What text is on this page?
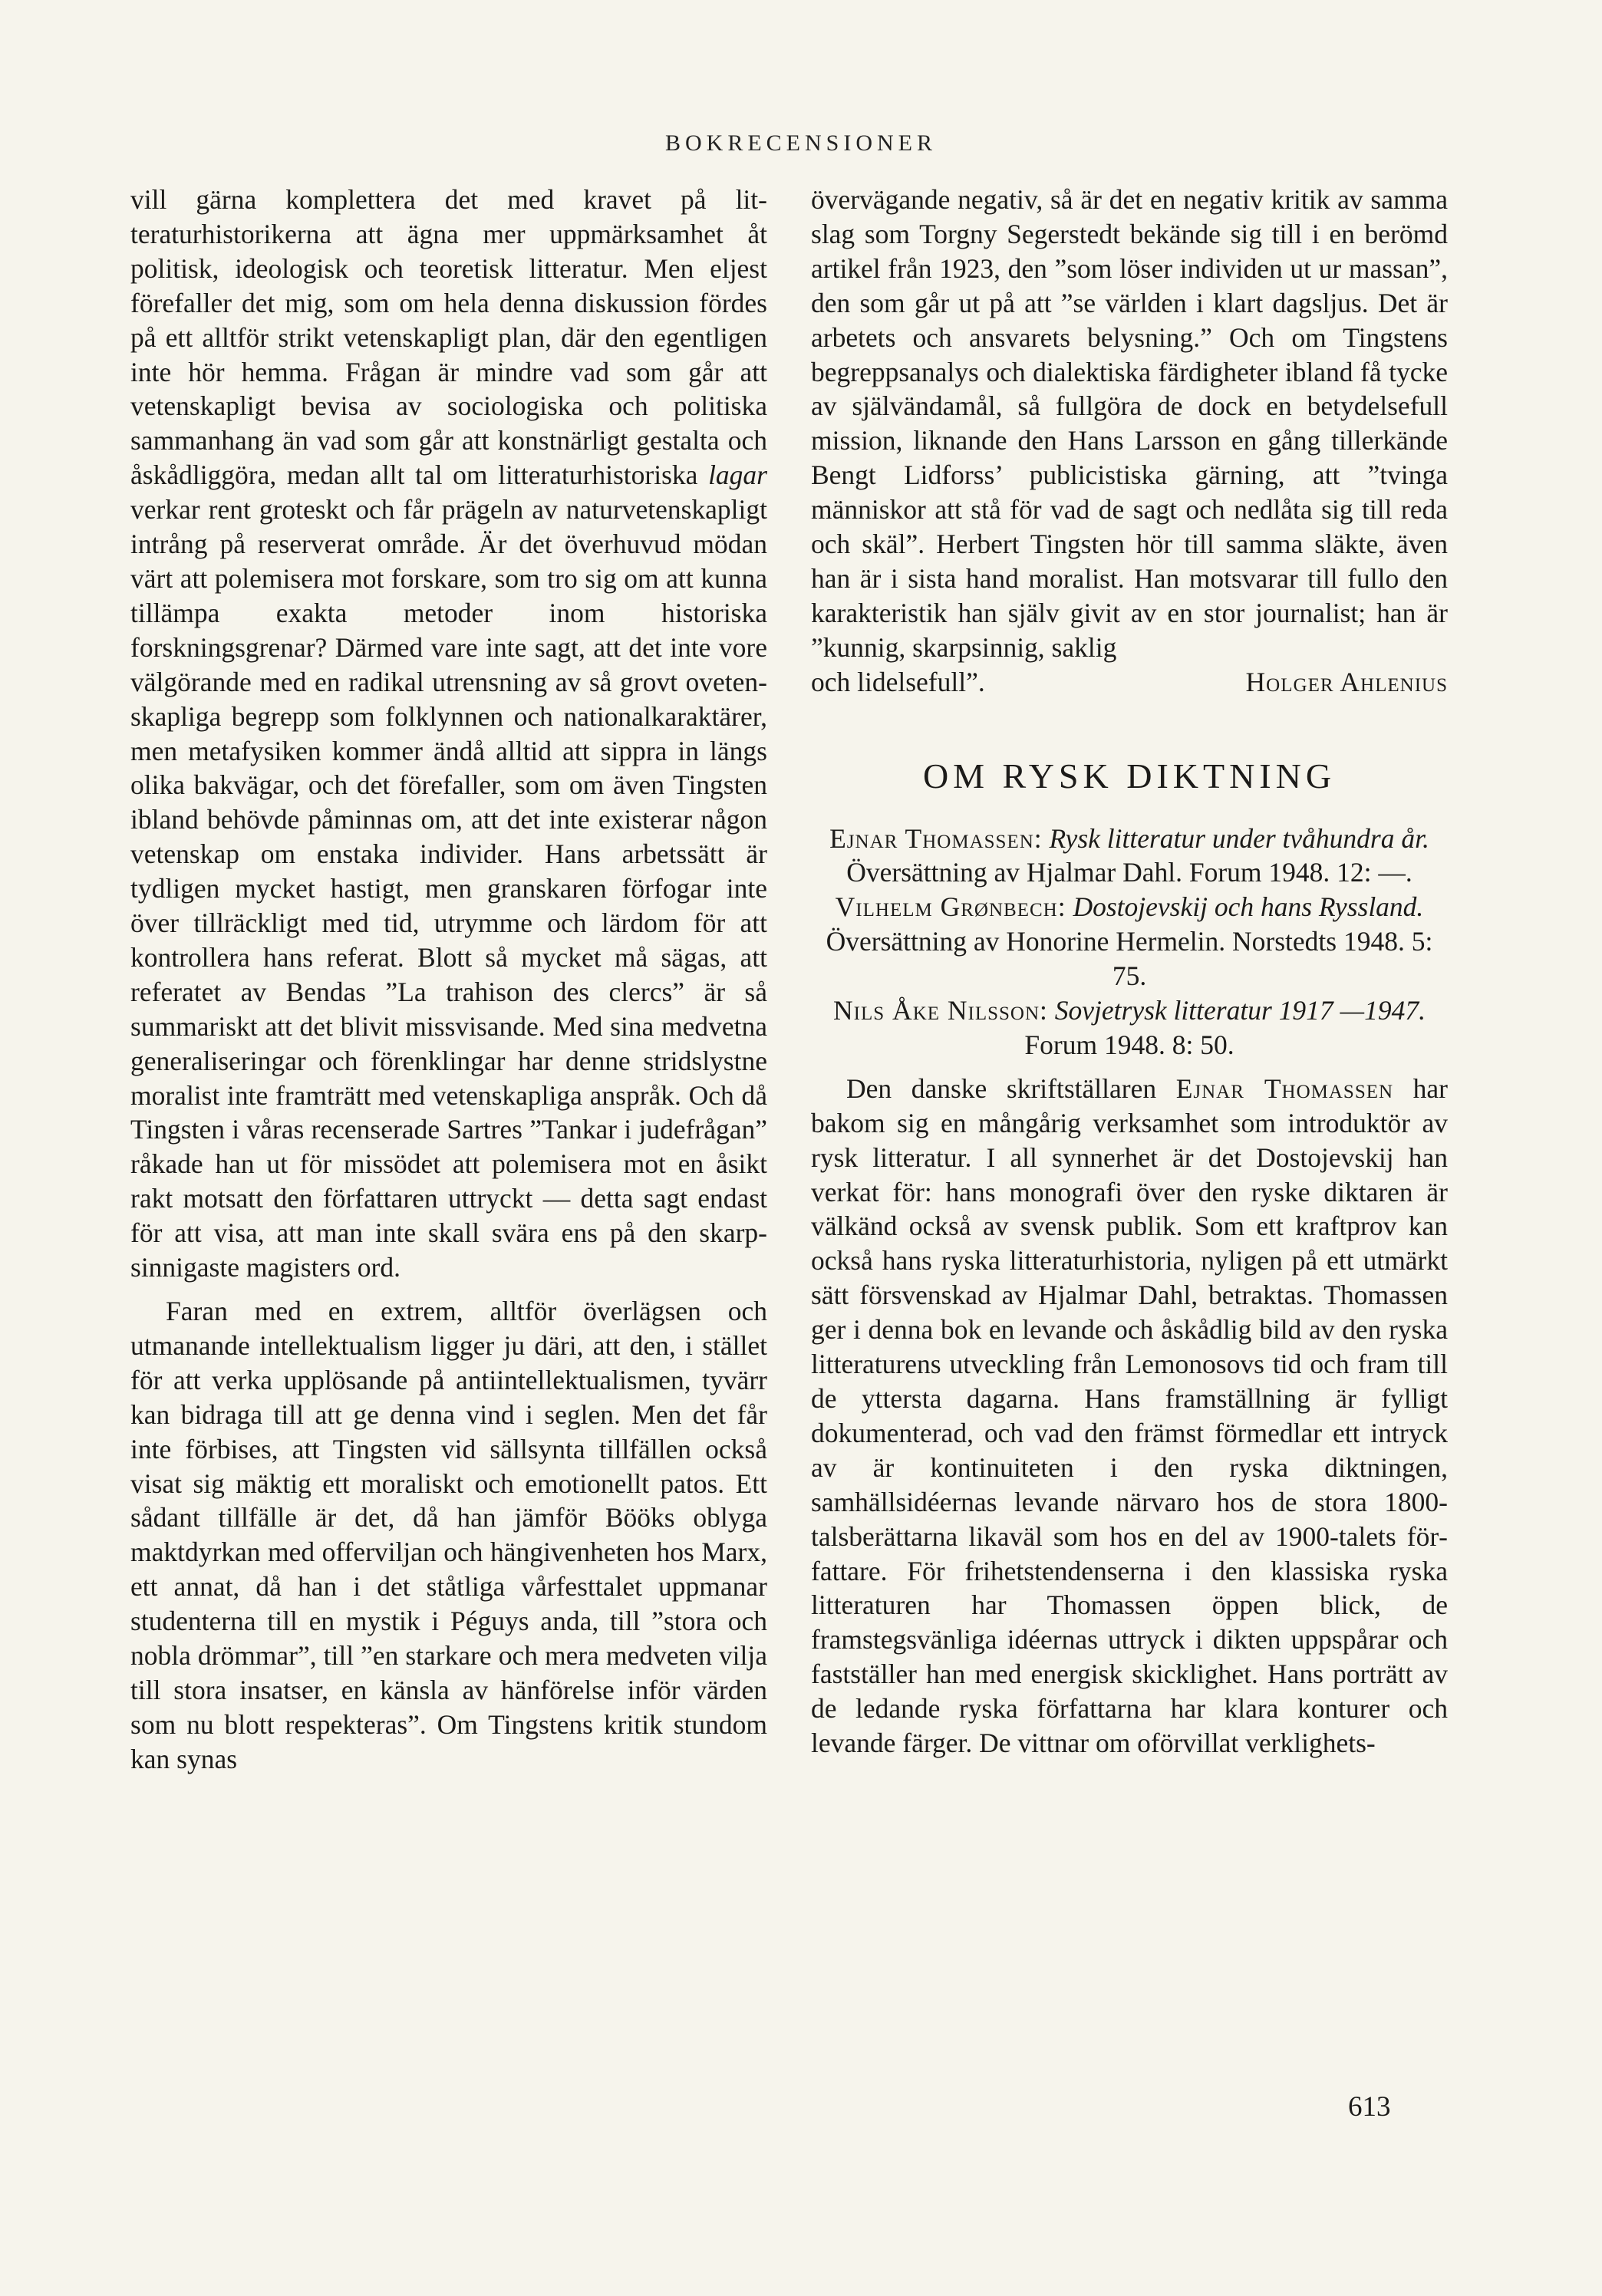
BOKRECENSIONER

vill gärna komplettera det med kravet på litteraturhistorikerna att ägna mer uppmärksamhet åt politisk, ideologisk och teoretisk litteratur. Men eljest förefaller det mig, som om hela denna diskussion fördes på ett alltför strikt vetenskapligt plan, där den egentligen inte hör hemma. Frågan är mindre vad som går att vetenskapligt bevisa av sociologiska och politiska sammanhang än vad som går att konstnärligt gestalta och åskådliggöra, medan allt tal om litteraturhistoriska lagar verkar rent groteskt och får prägeln av naturvetenskapligt intrång på reserverat område. Är det överhuvud mödan värt att polemisera mot forskare, som tro sig om att kunna tillämpa exakta metoder inom historiska forskningsgrenar? Därmed vare inte sagt, att det inte vore välgörande med en radikal utrensning av så grovt ovetenskapliga begrepp som folklynnen och nationalkaraktärer, men metafysiken kommer ändå alltid att sippra in längs olika bakvägar, och det förefaller, som om även Tingsten ibland behövde påminnas om, att det inte existerar någon vetenskap om enstaka individer. Hans arbetssätt är tydligen mycket hastigt, men granskaren förfogar inte över tillräckligt med tid, utrymme och lärdom för att kontrollera hans referat. Blott så mycket må sägas, att referatet av Bendas ”La trahison des clercs” är så summariskt att det blivit missvisande. Med sina medvetna generaliseringar och förenklingar har denne stridslystne moralist inte framträtt med vetenskapliga anspråk. Och då Tingsten i våras recenserade Sartres ”Tankar i judefrågan” råkade han ut för missödet att polemisera mot en åsikt rakt motsatt den författaren uttryckt — detta sagt endast för att visa, att man inte skall svära ens på den skarpsinnigaste magisters ord.

Faran med en extrem, alltför överlägsen och utmanande intellektualism ligger ju däri, att den, i stället för att verka upplösande på antiintellektualismen, tyvärr kan bidraga till att ge denna vind i seglen. Men det får inte förbises, att Tingsten vid sällsynta tillfällen också visat sig mäktig ett moraliskt och emotionellt patos. Ett sådant tillfälle är det, då han jämför Bööks oblyga maktdyrkan med offerviljan och hängivenheten hos Marx, ett annat, då han i det ståtliga vårfesttalet uppmanar studenterna till en mystik i Péguys anda, till ”stora och nobla drömmar”, till ”en starkare och mera medveten vilja till stora insatser, en känsla av hänförelse inför värden som nu blott respekteras”. Om Tingstens kritik stundom kan synas

övervägande negativ, så är det en negativ kritik av samma slag som Torgny Segerstedt bekände sig till i en berömd artikel från 1923, den ”som löser individen ut ur massan”, den som går ut på att ”se världen i klart dagsljus. Det är arbetets och ansvarets belysning.” Och om Tingstens begreppsanalys och dialektiska färdigheter ibland få tycke av självändamål, så fullgöra de dock en betydelsefull mission, liknande den Hans Larsson en gång tillerkände Bengt Lidforss’ publicistiska gärning, att ”tvinga människor att stå för vad de sagt och nedlåta sig till reda och skäl”. Herbert Tingsten hör till samma släkte, även han är i sista hand moralist. Han motsvarar till fullo den karakteristik han själv givit av en stor journalist; han är ”kunnig, skarpsinnig, saklig

och lidelsefull”.	Holger Ahlenius
OM RYSK DIKTNING

Ejnar Thomassen: Rysk litteratur under tvåhundra år. Översättning av Hjalmar Dahl. Forum 1948. 12: —.

Vilhelm Grønbech: Dostojevskij och hans Ryssland. Översättning av Honorine Hermelin. Norstedts 1948. 5: 75.

Nils Åke Nilsson: Sovjetrysk litteratur 1917 —1947. Forum 1948. 8: 50.

Den danske skriftställaren Ejnar Thomassen har bakom sig en mångårig verksamhet som introduktör av rysk litteratur. I all synnerhet är det Dostojevskij han verkat för: hans monografi över den ryske diktaren är välkänd också av svensk publik. Som ett kraftprov kan också hans ryska litteraturhistoria, nyligen på ett utmärkt sätt försvenskad av Hjalmar Dahl, betraktas. Thomassen ger i denna bok en levande och åskådlig bild av den ryska litteraturens utveckling från Lemonosovs tid och fram till de yttersta dagarna. Hans framställning är fylligt dokumenterad, och vad den främst förmedlar ett intryck av är kontinuiteten i den ryska diktningen, samhällsidéernas levande närvaro hos de stora 1800-talsberättarna likaväl som hos en del av 1900-talets författare. För frihetstendenserna i den klassiska ryska litteraturen har Thomassen öppen blick, de framstegsvänliga idéernas uttryck i dikten uppspårar och fastställer han med energisk skicklighet. Hans porträtt av de ledande ryska författarna har klara konturer och levande färger. De vittnar om oförvillat verklighets-

613
